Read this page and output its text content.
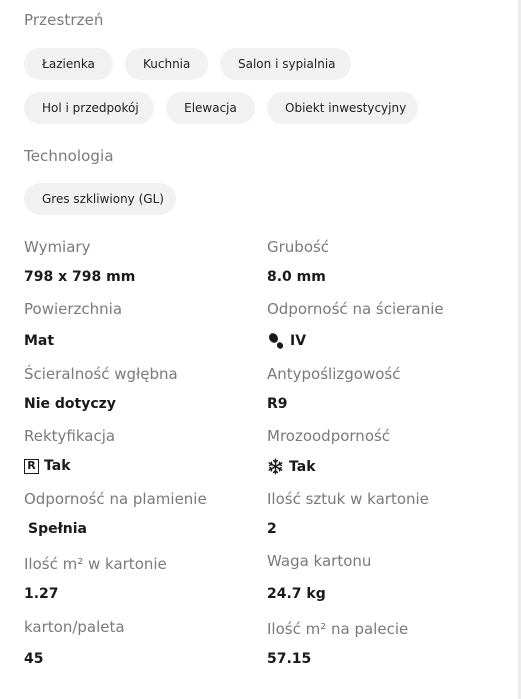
Przestrzeń
Łazienka	Kuchnia	Salon i sypialnia
Hol i przedpokój	Elewacja	Obiekt inwestycyjny
Technologia
Gres szkliwiony (GL)
Wymiary
798 x 798 mm
Grubość
8.0 mm
Powierzchnia
Mat
Odporność na ścieranie
IV
Ścieralność wgłębna
Nie dotyczy
Antypoślizgowość
R9
Rektyfikacja
R Tak
Mrozoodporność
Tak
Odporność na plamienie
Spełnia
Ilość sztuk w kartonie
2
Ilość m² w kartonie
1.27
Waga kartonu
24.7 kg
karton/paleta
45
Ilość m² na palecie
57.15
